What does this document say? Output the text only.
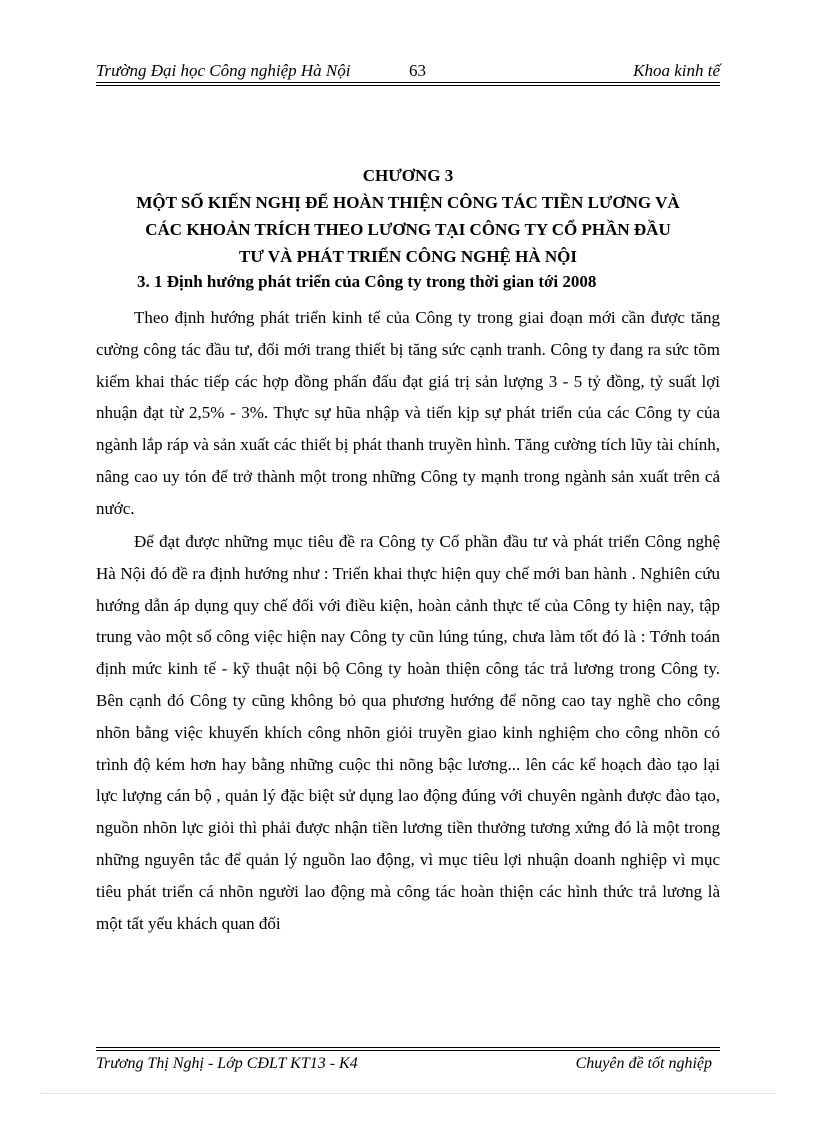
Trường Đại học Công nghiệp Hà Nội	63	Khoa kinh tế
CHƯƠNG 3
MỘT SỐ KIẾN NGHỊ ĐỂ HOÀN THIỆN CÔNG TÁC TIỀN LƯƠNG VÀ
CÁC KHOẢN TRÍCH THEO LƯƠNG TẠI CÔNG TY CỔ PHẦN ĐẦU
TƯ VÀ PHÁT TRIỂN CÔNG NGHỆ HÀ NỘI
3. 1 Định hướng phát triển của Công ty trong thời gian tới 2008

Theo định hướng phát triển kinh tế của Công ty trong giai đoạn mới cần được tăng cường công tác đầu tư, đổi mới trang thiết bị tăng sức cạnh tranh. Công ty đang ra sức tõm kiếm khai thác tiếp các hợp đồng phấn đấu đạt giá trị sản lượng 3 - 5 tỷ đồng, tỷ suất lợi nhuận đạt từ 2,5% - 3%. Thực sự hũa nhập và tiến kịp sự phát triển của các Công ty của ngành lắp ráp và sản xuất các thiết bị phát thanh truyền hình. Tăng cường tích lũy tài chính, nâng cao uy tón để trở thành một trong những Công ty mạnh trong ngành sản xuất trên cả nước.

Để đạt được những mục tiêu đề ra Công ty Cổ phần đầu tư và phát triển Công nghệ Hà Nội đó đề ra định hướng như : Triển khai thực hiện quy chế mới ban hành . Nghiên cứu hướng dẫn áp dụng quy chế đối với điều kiện, hoàn cảnh thực tế của Công ty hiện nay, tập trung vào một số công việc hiện nay Công ty cũn lúng túng, chưa làm tốt đó là : Tớnh toán định mức kinh tế - kỹ thuật nội bộ Công ty hoàn thiện công tác trả lương trong Công ty. Bên cạnh đó Công ty cũng không bỏ qua phương hướng để nõng cao tay nghề cho công nhõn bằng việc khuyến khích công nhõn giỏi truyền giao kinh nghiệm cho công nhõn có trình độ kém hơn hay bằng những cuộc thi nõng bậc lương... lên các kế hoạch đào tạo lại lực lượng cán bộ , quản lý đặc biệt sử dụng lao động đúng với chuyên ngành được đào tạo, nguồn nhõn lực giỏi thì phải được nhận tiền lương tiền thưởng tương xứng đó là một trong những nguyên tắc để quản lý nguồn lao động, vì mục tiêu lợi nhuận doanh nghiệp vì mục tiêu phát triển cá nhõn người lao động mà công tác hoàn thiện các hình thức trả lương là một tất yếu khách quan đối

Trương Thị Nghị - Lớp CĐLT KT13 - K4	Chuyên đề tốt nghiệp
